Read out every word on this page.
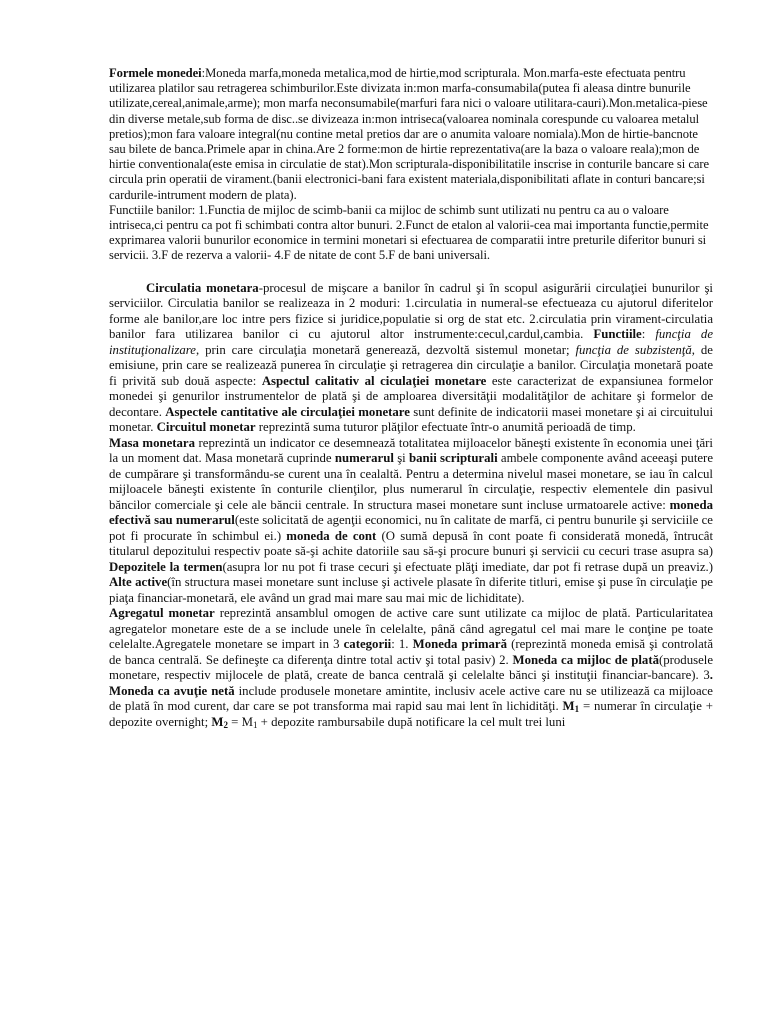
Formele monedei:Moneda marfa,moneda metalica,mod de hirtie,mod scripturala. Mon.marfa-este efectuata pentru utilizarea platilor sau retragerea schimburilor.Este divizata in:mon marfa-consumabila(putea fi aleasa dintre bunurile utilizate,cereal,animale,arme); mon marfa neconsumabile(marfuri fara nici o valoare utilitara-cauri).Mon.metalica-piese din diverse metale,sub forma de disc..se divizeaza in:mon intriseca(valoarea nominala corespunde cu valoarea metalul pretios);mon fara valoare integral(nu contine metal pretios dar are o anumita valoare nomiala).Mon de hirtie-bancnote sau bilete de banca.Primele apar in china.Are 2 forme:mon de hirtie reprezentativa(are la baza o valoare reala);mon de hirtie conventionala(este emisa in circulatie de stat).Mon scripturala-disponibilitatile inscrise in conturile bancare si care circula prin operatii de virament.(banii electronici-bani fara existent materiala,disponibilitati aflate in conturi bancare;si cardurile-intrument modern de plata).

Functiile banilor: 1.Functia de mijloc de scimb-banii ca mijloc de schimb sunt utilizati nu pentru ca au o valoare intriseca,ci pentru ca pot fi schimbati contra altor bunuri. 2.Funct de etalon al valorii-cea mai importanta functie,permite exprimarea valorii bunurilor economice in termini monetari si efectuarea de comparatii intre preturile diferitor bunuri si servicii. 3.F de rezerva a valorii- 4.F de nitate de cont 5.F de bani universali.

Circulatia monetara-procesul de mişcare a banilor în cadrul şi în scopul asigurării circulaţiei bunurilor şi serviciilor. Circulatia banilor se realizeaza in 2 moduri: 1.circulatia in numeral-se efectueaza cu ajutorul diferitelor forme ale banilor,are loc intre pers fizice si juridice,populatie si org de stat etc. 2.circulatia prin virament-circulatia banilor fara utilizarea banilor ci cu ajutorul altor instrumente:cecul,cardul,cambia. Functiile: funcţia de instituţionalizare, prin care circulaţia monetară generează, dezvoltă sistemul monetar; funcţia de subzistenţă, de emisiune, prin care se realizează punerea în circulaţie şi retragerea din circulaţie a banilor. Circulaţia monetară poate fi privită sub două aspecte: Aspectul calitativ al ciculaţiei monetare este caracterizat de expansiunea formelor monedei şi genurilor instrumentelor de plată şi de amploarea diversităţii modalităţilor de achitare şi formelor de decontare. Aspectele cantitative ale circulaţiei monetare sunt definite de indicatorii masei monetare şi ai circuitului monetar. Circuitul monetar reprezintă suma tuturor plăţilor efectuate într-o anumită perioadă de timp.

Masa monetara reprezintă un indicator ce desemnează totalitatea mijloacelor băneşti existente în economia unei ţări la un moment dat. Masa monetară cuprinde numerarul şi banii scripturali ambele componente având aceeaşi putere de cumpărare şi transformându-se curent una în cealaltă. Pentru a determina nivelul masei monetare, se iau în calcul mijloacele băneşti existente în conturile clienţilor, plus numerarul în circulaţie, respectiv elementele din pasivul băncilor comerciale şi cele ale băncii centrale. In structura masei monetare sunt incluse urmatoarele active: moneda efectivă sau numerarul(este solicitată de agenţii economici, nu în calitate de marfă, ci pentru bunurile şi serviciile ce pot fi procurate în schimbul ei.) moneda de cont (O sumă depusă în cont poate fi considerată monedă, întrucât titularul depozitului respectiv poate să-şi achite datoriile sau să-şi procure bunuri şi servicii cu cecuri trase asupra sa) Depozitele la termen(asupra lor nu pot fi trase cecuri şi efectuate plăţi imediate, dar pot fi retrase după un preaviz.) Alte active(în structura masei monetare sunt incluse şi activele plasate în diferite titluri, emise şi puse în circulaţie pe piaţa financiar-monetară, ele având un grad mai mare sau mai mic de lichiditate).

Agregatul monetar reprezintă ansamblul omogen de active care sunt utilizate ca mijloc de plată. Particularitatea agregatelor monetare este de a se include unele în celelalte, până când agregatul cel mai mare le conţine pe toate celelalte.Agregatele monetare se impart in 3 categorii: 1. Moneda primară (reprezintă moneda emisă şi controlată de banca centrală. Se defineşte ca diferenţa dintre total activ şi total pasiv) 2. Moneda ca mijloc de plată(produsele monetare, respectiv mijlocele de plată, create de banca centrală şi celelalte bănci şi instituţii financiar-bancare). 3. Moneda ca avuţie netă include produsele monetare amintite, inclusiv acele active care nu se utilizează ca mijloace de plată în mod curent, dar care se pot transforma mai rapid sau mai lent în lichidităţi. $M_1$ = numerar în circulaţie + depozite overnight; $M_2 = M_1$ + depozite rambursabile după notificare la cel mult trei luni
